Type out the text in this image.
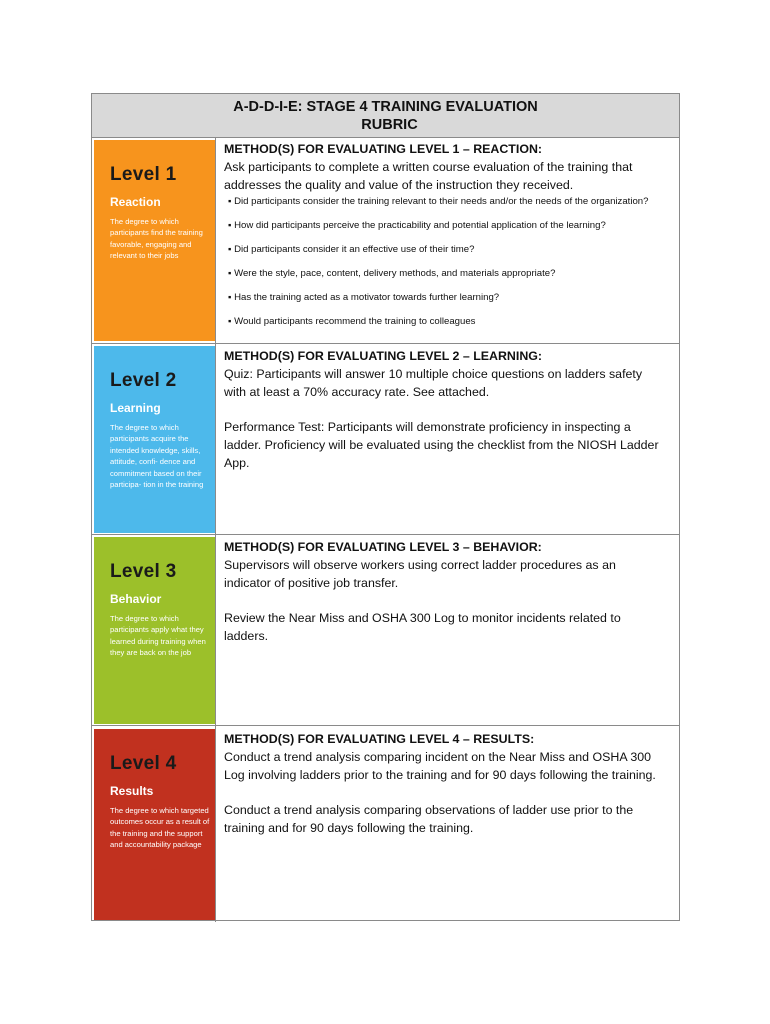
A-D-D-I-E: STAGE 4 TRAINING EVALUATION
RUBRIC
Level 1
Reaction
The degree to which participants find the training favorable, engaging and relevant to their jobs
METHOD(S) FOR EVALUATING LEVEL 1 – REACTION:

Ask participants to complete a written course evaluation of the training that addresses the quality and value of the instruction they received.

▪ Did participants consider the training relevant to their needs and/or the needs of the organization?
▪ How did participants perceive the practicability and potential application of the learning?
▪ Did participants consider it an effective use of their time?
▪ Were the style, pace, content, delivery methods, and materials appropriate?
▪ Has the training acted as a motivator towards further learning?
▪ Would participants recommend the training to colleagues
Level 2
Learning
The degree to which participants acquire the intended knowledge, skills, attitude, confi- dence and commitment based on their participa- tion in the training
METHOD(S) FOR EVALUATING LEVEL 2 – LEARNING:

Quiz: Participants will answer 10 multiple choice questions on ladders safety with at least a 70% accuracy rate. See attached.

Performance Test: Participants will demonstrate proficiency in inspecting a ladder. Proficiency will be evaluated using the checklist from the NIOSH Ladder App.

Level 3
Behavior
The degree to which participants apply what they learned during training when they are back on the job
METHOD(S) FOR EVALUATING LEVEL 3 – BEHAVIOR:

Supervisors will observe workers using correct ladder procedures as an indicator of positive job transfer.

Review the Near Miss and OSHA 300 Log to monitor incidents related to ladders.

Level 4
Results
The degree to which targeted outcomes occur as a result of the training and the support and accountability package
METHOD(S) FOR EVALUATING LEVEL 4 – RESULTS:

Conduct a trend analysis comparing incident on the Near Miss and OSHA 300 Log involving ladders prior to the training and for 90 days following the training.

Conduct a trend analysis comparing observations of ladder use prior to the training and for 90 days following the training.
